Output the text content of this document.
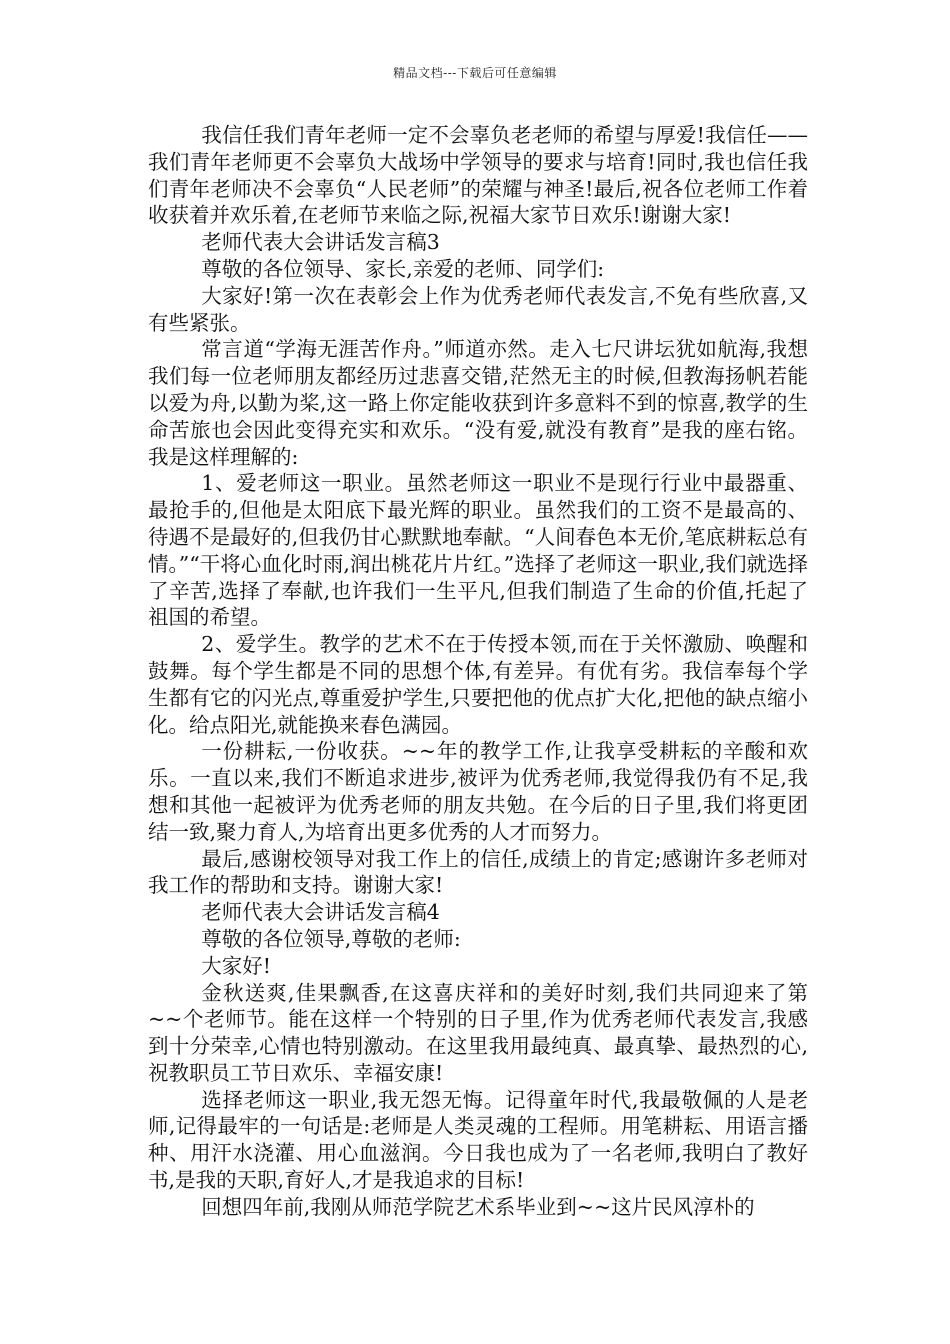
精品文档---下载后可任意编辑

我信任我们青年老师一定不会辜负老老师的希望与厚爱!我信任——我们青年老师更不会辜负大战场中学领导的要求与培育!同时,我也信任我们青年老师决不会辜负“人民老师”的荣耀与神圣!最后,祝各位老师工作着收获着并欢乐着,在老师节来临之际,祝福大家节日欢乐!谢谢大家!

老师代表大会讲话发言稿3

尊敬的各位领导、家长,亲爱的老师、同学们:

大家好!第一次在表彰会上作为优秀老师代表发言,不免有些欣喜,又有些紧张。

常言道“学海无涯苦作舟。”师道亦然。走入七尺讲坛犹如航海,我想我们每一位老师朋友都经历过悲喜交错,茫然无主的时候,但教海扬帆若能以爱为舟,以勤为桨,这一路上你定能收获到许多意料不到的惊喜,教学的生命苦旅也会因此变得充实和欢乐。“没有爱,就没有教育”是我的座右铭。我是这样理解的:

1、爱老师这一职业。虽然老师这一职业不是现行行业中最器重、最抢手的,但他是太阳底下最光辉的职业。虽然我们的工资不是最高的、待遇不是最好的,但我仍甘心默默地奉献。“人间春色本无价,笔底耕耘总有情。”“干将心血化时雨,润出桃花片片红。”选择了老师这一职业,我们就选择了辛苦,选择了奉献,也许我们一生平凡,但我们制造了生命的价值,托起了祖国的希望。

2、爱学生。教学的艺术不在于传授本领,而在于关怀激励、唤醒和鼓舞。每个学生都是不同的思想个体,有差异。有优有劣。我信奉每个学生都有它的闪光点,尊重爱护学生,只要把他的优点扩大化,把他的缺点缩小化。给点阳光,就能换来春色满园。

一份耕耘,一份收获。~~年的教学工作,让我享受耕耘的辛酸和欢乐。一直以来,我们不断追求进步,被评为优秀老师,我觉得我仍有不足,我想和其他一起被评为优秀老师的朋友共勉。在今后的日子里,我们将更团结一致,聚力育人,为培育出更多优秀的人才而努力。

最后,感谢校领导对我工作上的信任,成绩上的肯定;感谢许多老师对我工作的帮助和支持。谢谢大家!

老师代表大会讲话发言稿4

尊敬的各位领导,尊敬的老师:

大家好!

金秋送爽,佳果飘香,在这喜庆祥和的美好时刻,我们共同迎来了第~~个老师节。能在这样一个特别的日子里,作为优秀老师代表发言,我感到十分荣幸,心情也特别激动。在这里我用最纯真、最真挚、最热烈的心,祝教职员工节日欢乐、幸福安康!

选择老师这一职业,我无怨无悔。记得童年时代,我最敬佩的人是老师,记得最牢的一句话是:老师是人类灵魂的工程师。用笔耕耘、用语言播种、用汗水浇灌、用心血滋润。今日我也成为了一名老师,我明白了教好书,是我的天职,育好人,才是我追求的目标!

回想四年前,我刚从师范学院艺术系毕业到~~这片民风淳朴的
